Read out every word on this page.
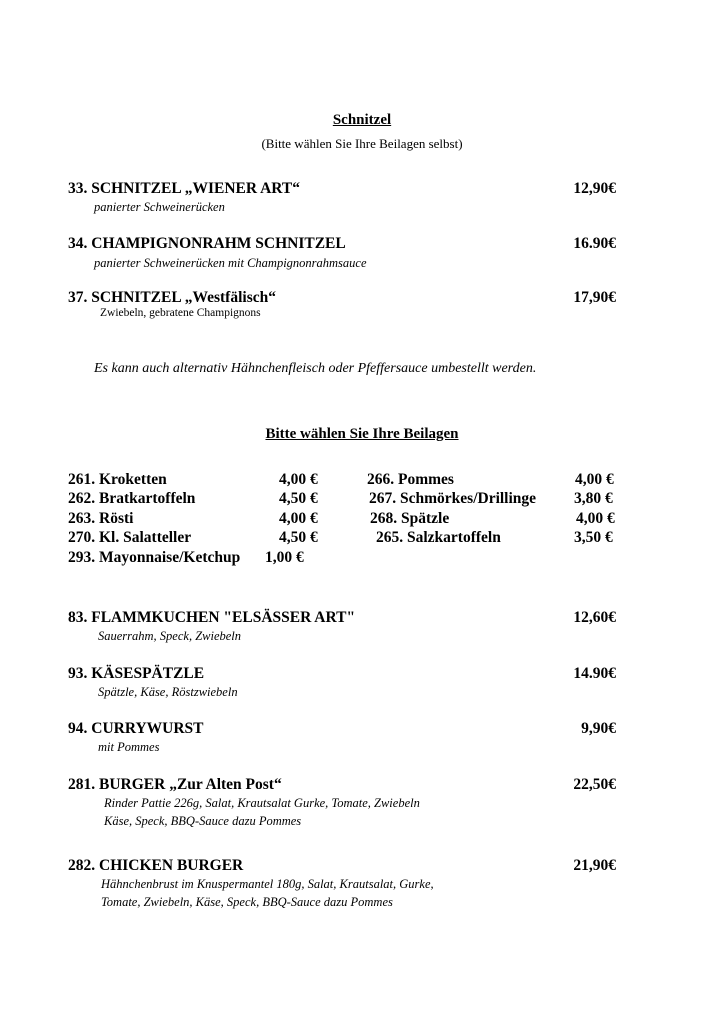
Schnitzel
(Bitte wählen Sie Ihre Beilagen selbst)
33. SCHNITZEL „WIENER ART“	12,90€
panierter Schweinerücken
34. CHAMPIGNONRAHM SCHNITZEL	16.90€
panierter Schweinerücken mit Champignonrahmsauce
37. SCHNITZEL „Westfälisch“	17,90€
Zwiebeln, gebratene Champignons
Es kann auch alternativ Hähnchenfleisch oder Pfeffersauce umbestellt werden.
Bitte wählen Sie Ihre Beilagen
261. Kroketten	4,00 €
262. Bratkartoffeln	4,50 €
263. Rösti	4,00 €
270. Kl. Salatteller	4,50 €
293. Mayonnaise/Ketchup 1,00 €
266. Pommes	4,00 €
267. Schmörkes/Drillinge 3,80 €
268. Spätzle	4,00 €
265. Salzkartoffeln	3,50 €
83. FLAMMKUCHEN "ELSÄSSER ART"	12,60€
Sauerrahm, Speck, Zwiebeln
93. KÄSESPÄTZLE	14.90€
Spätzle, Käse, Röstzwiebeln
94. CURRYWURST	9,90€
mit Pommes
281. BURGER „Zur Alten Post“	22,50€
Rinder Pattie 226g, Salat, Krautsalat Gurke, Tomate, Zwiebeln
Käse, Speck, BBQ-Sauce dazu Pommes
282. CHICKEN BURGER	21,90€
Hähnchenbrust im Knuspermantel 180g, Salat, Krautsalat, Gurke,
Tomate, Zwiebeln, Käse, Speck, BBQ-Sauce dazu Pommes
